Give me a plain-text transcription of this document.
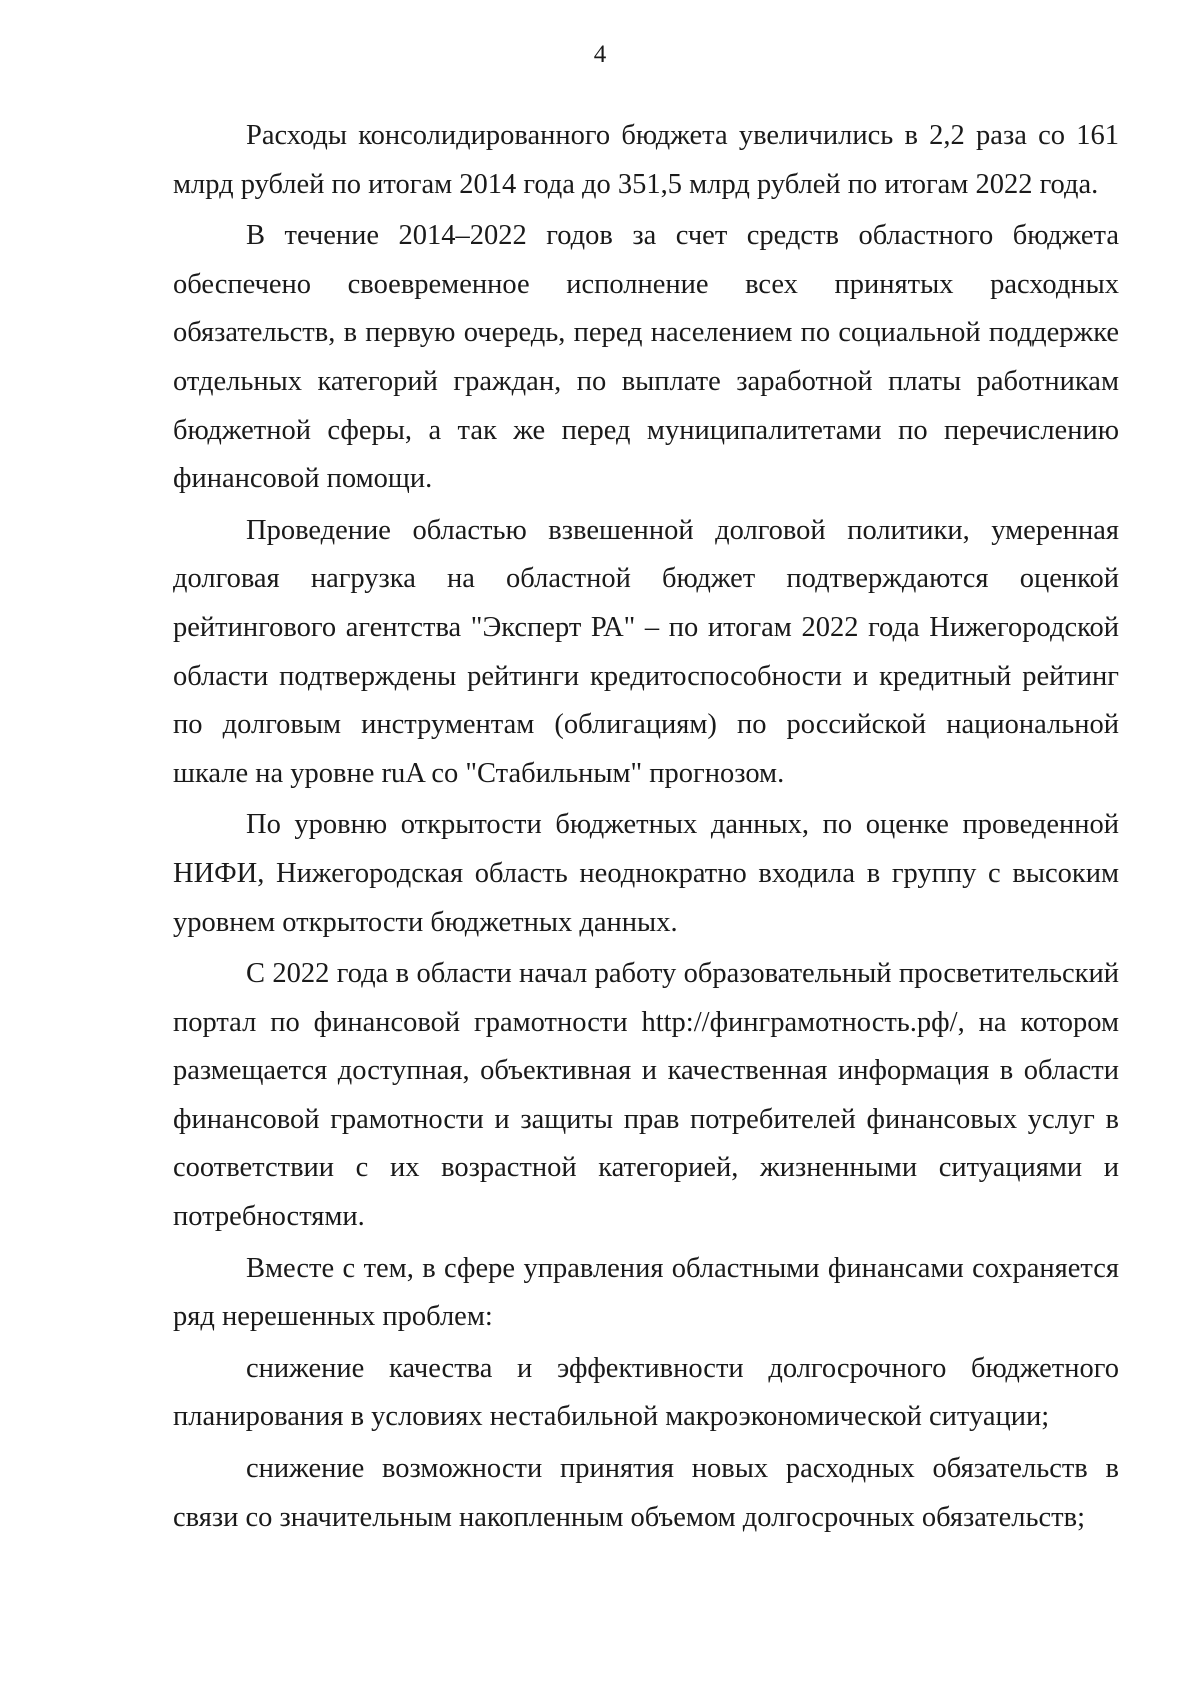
4

Расходы консолидированного бюджета увеличились в 2,2 раза со 161 млрд рублей по итогам 2014 года до 351,5 млрд рублей по итогам 2022 года.

В течение 2014–2022 годов за счет средств областного бюджета обеспечено своевременное исполнение всех принятых расходных обязательств, в первую очередь, перед населением по социальной поддержке отдельных категорий граждан, по выплате заработной платы работникам бюджетной сферы, а так же перед муниципалитетами по перечислению финансовой помощи.

Проведение областью взвешенной долговой политики, умеренная долговая нагрузка на областной бюджет подтверждаются оценкой рейтингового агентства "Эксперт РА" – по итогам 2022 года Нижегородской области подтверждены рейтинги кредитоспособности и кредитный рейтинг по долговым инструментам (облигациям) по российской национальной шкале на уровне ruA со "Стабильным" прогнозом.

По уровню открытости бюджетных данных, по оценке проведенной НИФИ, Нижегородская область неоднократно входила в группу с высоким уровнем открытости бюджетных данных.

С 2022 года в области начал работу образовательный просветительский портал по финансовой грамотности http://финграмотность.рф/, на котором размещается доступная, объективная и качественная информация в области финансовой грамотности и защиты прав потребителей финансовых услуг в соответствии с их возрастной категорией, жизненными ситуациями и потребностями.

Вместе с тем, в сфере управления областными финансами сохраняется ряд нерешенных проблем:

снижение качества и эффективности долгосрочного бюджетного планирования в условиях нестабильной макроэкономической ситуации;

снижение возможности принятия новых расходных обязательств в связи со значительным накопленным объемом долгосрочных обязательств;
